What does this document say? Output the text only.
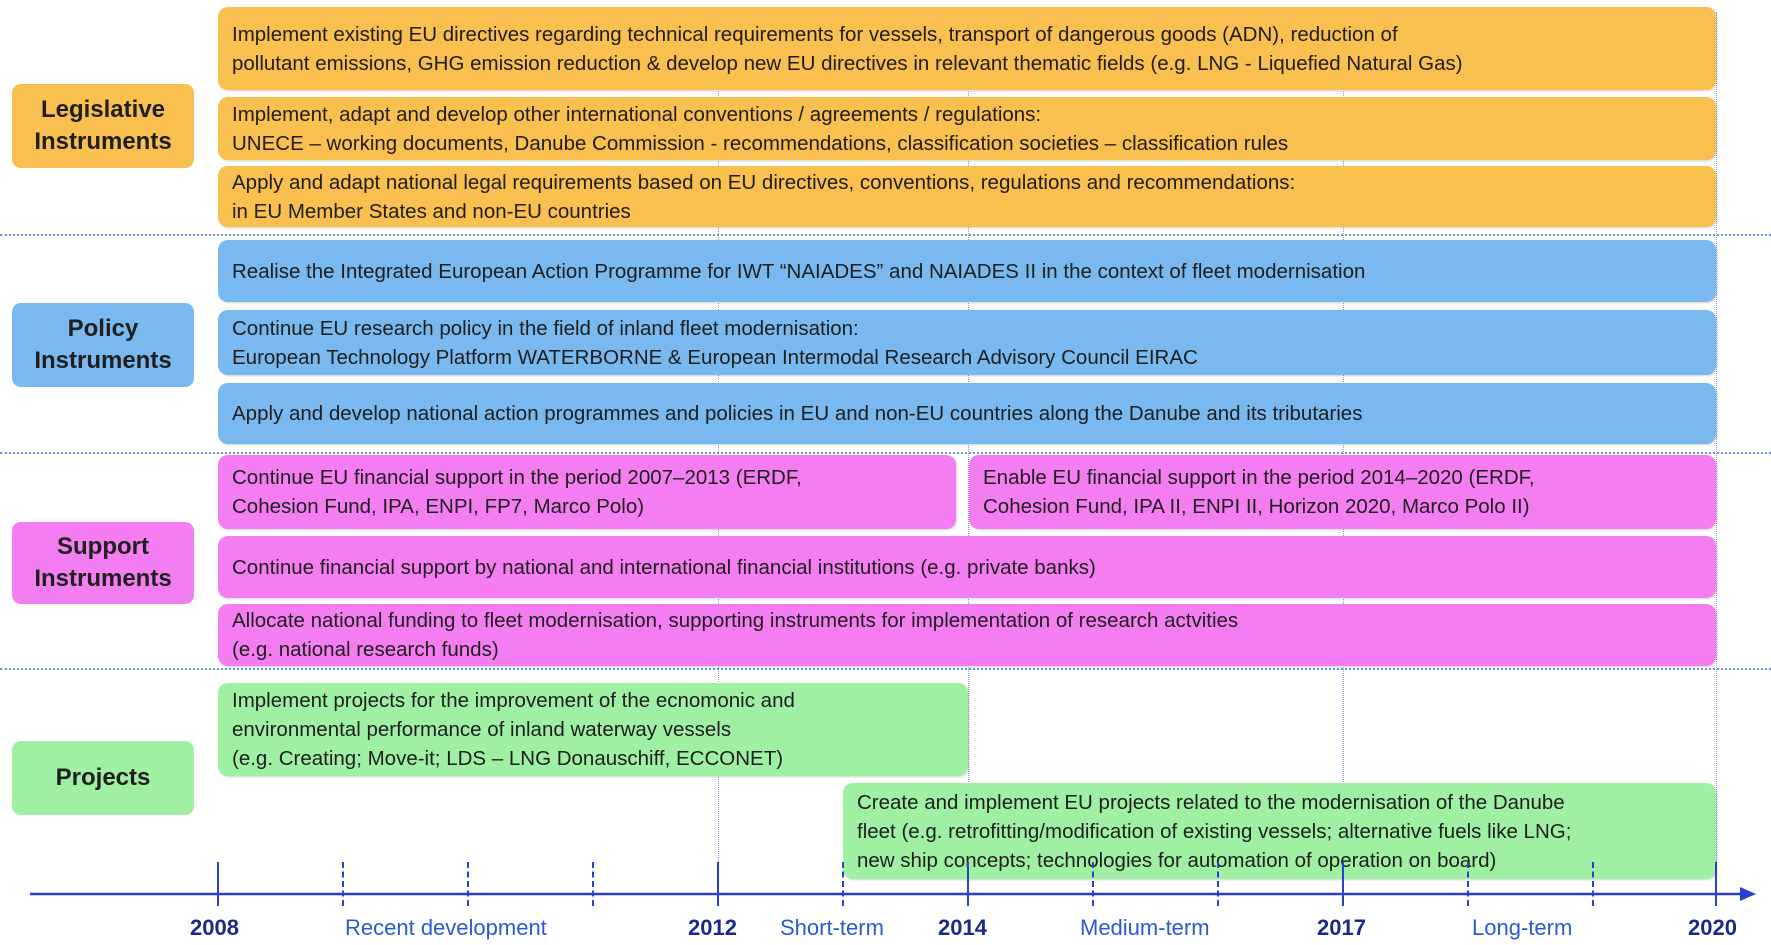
Legislative
Instruments
Policy
Instruments
Support
Instruments
Projects
Implement existing EU directives regarding technical requirements for vessels, transport of dangerous goods (ADN), reduction of
pollutant emissions, GHG emission reduction & develop new EU directives in relevant thematic fields (e.g. LNG - Liquefied Natural Gas)
Implement, adapt and develop other international conventions / agreements / regulations:
UNECE – working documents, Danube Commission - recommendations, classification societies – classification rules
Apply and adapt national legal requirements based on EU directives, conventions, regulations and recommendations:
in EU Member States and non-EU countries
Realise the Integrated European Action Programme for IWT “NAIADES” and NAIADES II in the context of fleet modernisation
Continue EU research policy in the field of inland fleet modernisation:
European Technology Platform WATERBORNE & European Intermodal Research Advisory Council EIRAC
Apply and develop national action programmes and policies in EU and non-EU countries along the Danube and its tributaries
Continue EU financial support in the period 2007–2013 (ERDF,
Cohesion Fund, IPA, ENPI, FP7, Marco Polo)
Enable EU financial support in the period 2014–2020 (ERDF,
Cohesion Fund, IPA II, ENPI II, Horizon 2020, Marco Polo II)
Continue financial support by national and international financial institutions (e.g. private banks)
Allocate national funding to fleet modernisation, supporting instruments for implementation of research actvities
(e.g. national research funds)
Implement projects for the improvement of the ecnomonic and
environmental performance of inland waterway vessels
(e.g. Creating; Move-it; LDS – LNG Donauschiff, ECCONET)
Create and implement EU projects related to the modernisation of the Danube
fleet (e.g. retrofitting/modification of existing vessels; alternative fuels like LNG;
new ship concepts; technologies for automation of operation on board)
2008	Recent development	2012 Short-term 2014	Medium-term	2017	Long-term	2020
